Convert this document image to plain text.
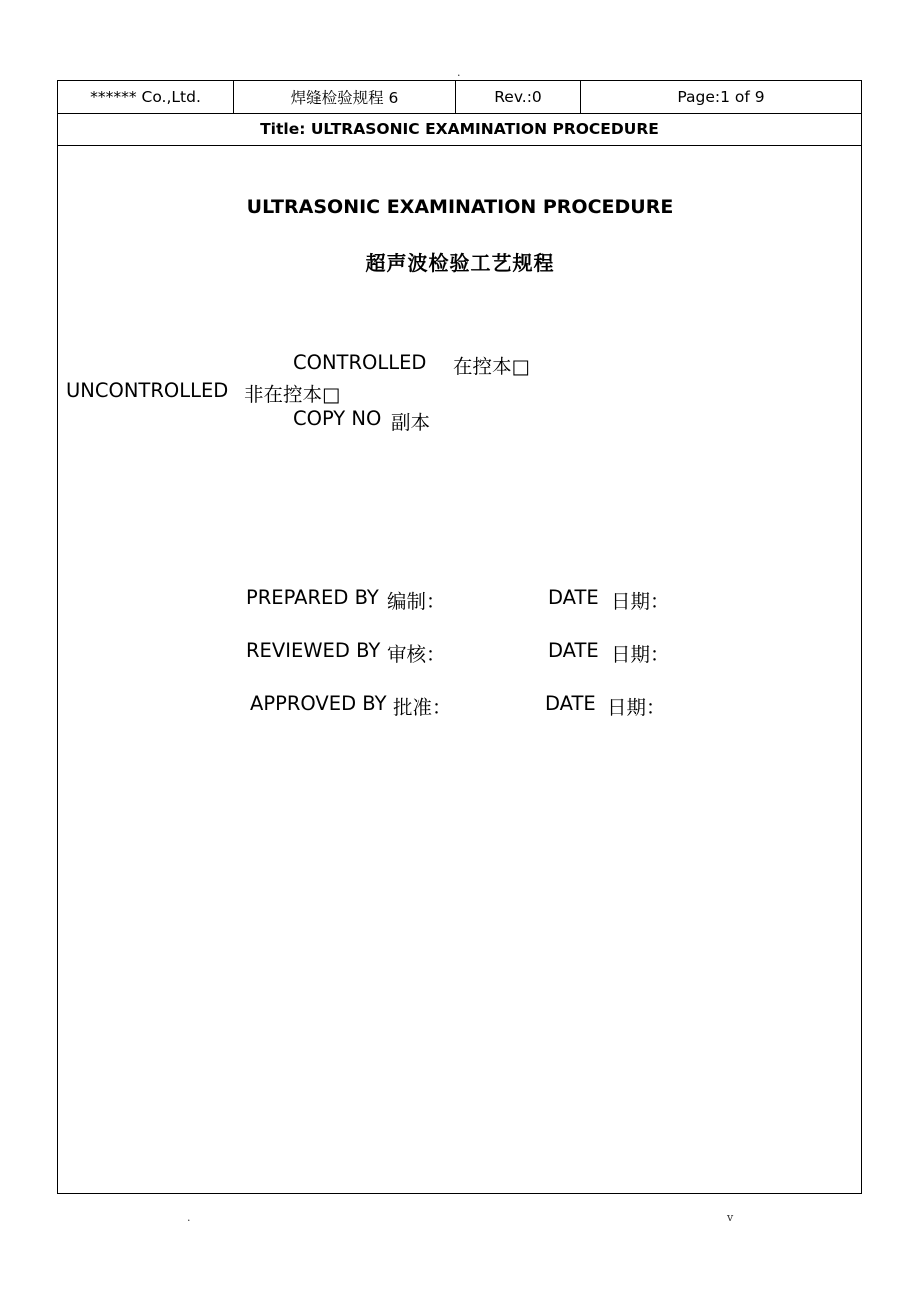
.
****** Co.,Ltd.	焊缝检验规程 6	Rev.:0	Page:1 of 9
Title: ULTRASONIC EXAMINATION PROCEDURE
ULTRASONIC EXAMINATION PROCEDURE
超声波检验工艺规程
CONTROLLED 在控本□
UNCONTROLLED 非在控本□
COPY NO 副本
PREPARED BY 编制：	DATE 日期：
REVIEWED BY 审核：	DATE 日期：
APPROVED BY 批准：	DATE 日期：
.	v
